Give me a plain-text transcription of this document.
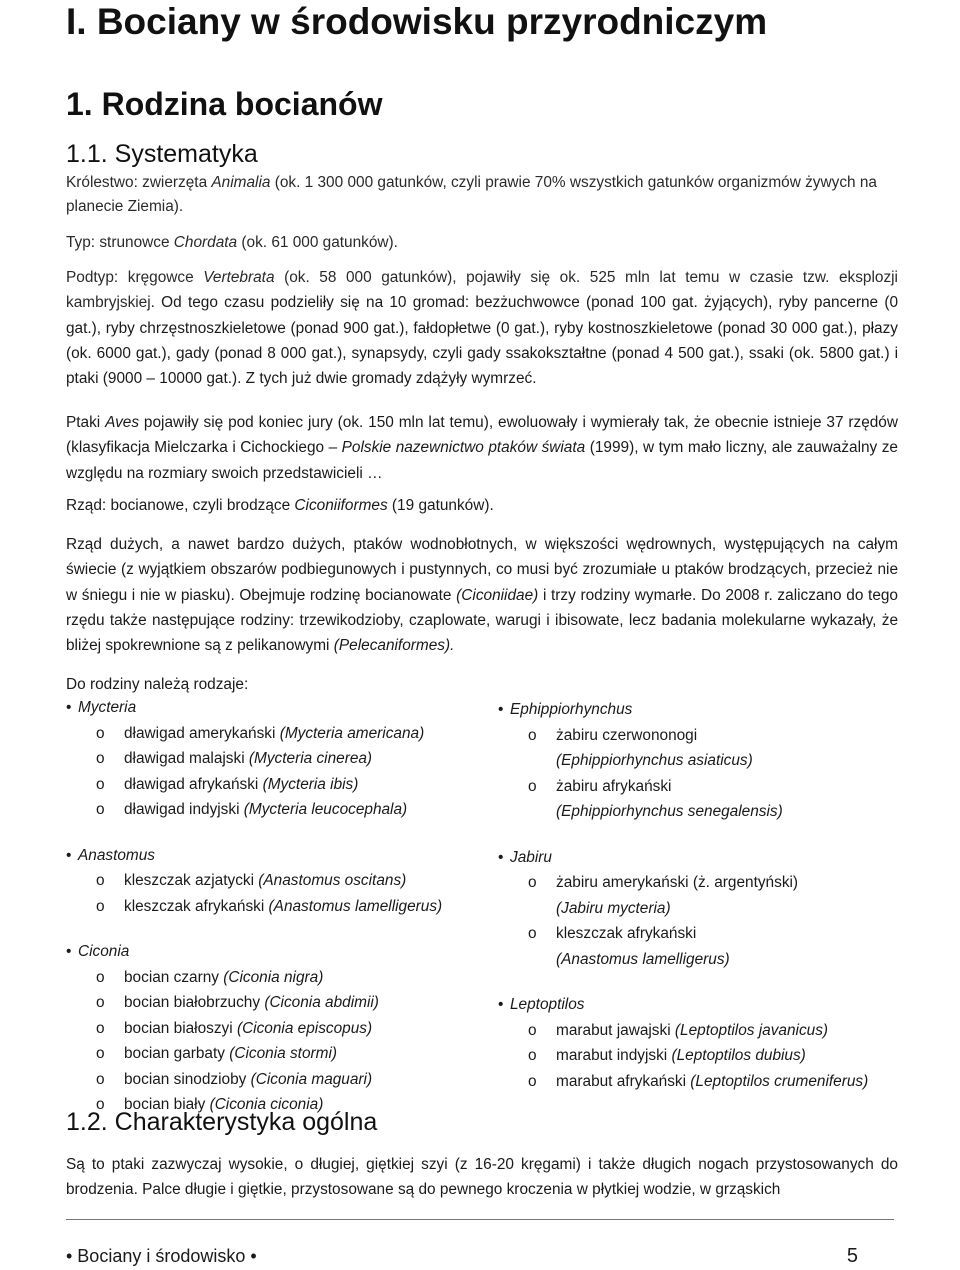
I. Bociany w środowisku przyrodniczym
1. Rodzina bocianów
1.1. Systematyka

Królestwo: zwierzęta Animalia (ok. 1 300 000 gatunków, czyli prawie 70% wszystkich gatunków organizmów żywych na planecie Ziemia).

Typ: strunowce Chordata (ok. 61 000 gatunków).

Podtyp: kręgowce Vertebrata (ok. 58 000 gatunków), pojawiły się ok. 525 mln lat temu w czasie tzw. eksplozji kambryjskiej. Od tego czasu podzieliły się na 10 gromad: bezżuchwowce (ponad 100 gat. żyjących), ryby pancerne (0 gat.), ryby chrzęstnoszkieletowe (ponad 900 gat.), fałdopłetwe (0 gat.), ryby kostnoszkieletowe (ponad 30 000 gat.), płazy (ok. 6000 gat.), gady (ponad 8 000 gat.), synapsydy, czyli gady ssakokształtne (ponad 4 500 gat.), ssaki (ok. 5800 gat.) i ptaki (9000 – 10000 gat.). Z tych już dwie gromady zdążyły wymrzeć.

Ptaki Aves pojawiły się pod koniec jury (ok. 150 mln lat temu), ewoluowały i wymierały tak, że obecnie istnieje 37 rzędów (klasyfikacja Mielczarka i Cichockiego – Polskie nazewnictwo ptaków świata (1999), w tym mało liczny, ale zauważalny ze względu na rozmiary swoich przedstawicieli …

Rząd: bocianowe, czyli brodzące Ciconiiformes (19 gatunków).

Rząd dużych, a nawet bardzo dużych, ptaków wodnobłotnych, w większości wędrownych, występujących na całym świecie (z wyjątkiem obszarów podbiegunowych i pustynnych, co musi być zrozumiałe u ptaków brodzących, przecież nie w śniegu i nie w piasku). Obejmuje rodzinę bocianowate (Ciconiidae) i trzy rodziny wymarłe. Do 2008 r. zaliczano do tego rzędu także następujące rodziny: trzewikodzioby, czaplowate, warugi i ibisowate, lecz badania molekularne wykazały, że bliżej spokrewnione są z pelikanowymi (Pelecaniformes).

Do rodziny należą rodzaje:
• Mycteria
o dławigad amerykański (Mycteria americana)
o dławigad malajski (Mycteria cinerea)
o dławigad afrykański (Mycteria ibis)
o dławigad indyjski (Mycteria leucocephala)
• Anastomus
o kleszczak azjatycki (Anastomus oscitans)
o kleszczak afrykański (Anastomus lamelligerus)
• Ciconia
o bocian czarny (Ciconia nigra)
o bocian białobrzuchy (Ciconia abdimii)
o bocian białoszyi (Ciconia episcopus)
o bocian garbaty (Ciconia stormi)
o bocian sinodzioby (Ciconia maguari)
o bocian biały (Ciconia ciconia)
• Ephippiorhynchus
o żabiru czerwononogi
(Ephippiorhynchus asiaticus)
o żabiru afrykański
(Ephippiorhynchus senegalensis)
• Jabiru
o żabiru amerykański (ż. argentyński)
(Jabiru mycteria)
o kleszczak afrykański
(Anastomus lamelligerus)
• Leptoptilos
o marabut jawajski (Leptoptilos javanicus)
o marabut indyjski (Leptoptilos dubius)
o marabut afrykański (Leptoptilos crumeniferus)
1.2. Charakterystyka ogólna
Są to ptaki zazwyczaj wysokie, o długiej, giętkiej szyi (z 16-20 kręgami) i także długich nogach przystosowanych do brodzenia. Palce długie i giętkie, przystosowane są do pewnego kroczenia w płytkiej wodzie, w grząskich
• Bociany i środowisko •	5
